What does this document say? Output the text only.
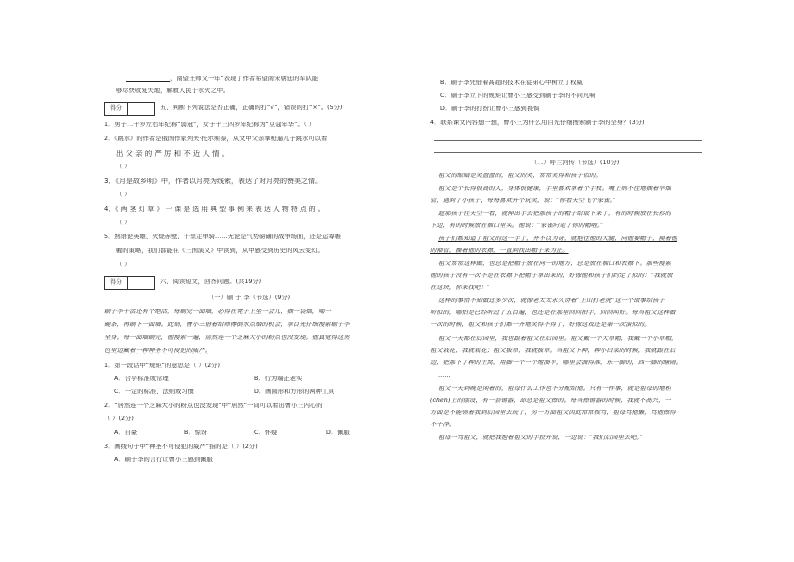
______________，南望王师又一年”表现了作者希望南宋朝廷的军队能
够尽快收复失地，解救人民于水火之中。
得分	五、判断下列说法是否正确，正确的打“√”，错误的打“×”。(5分)
1．男子二十岁左右年纪称“弱冠”，女子十三四岁年纪称为“豆蔻年华”。（ ）
2．《跳水》的作者是俄国作家列夫·托尔斯泰，从文中父亲拿枪逼儿子跳水可以看
出 父 亲 的 严 厉 和 不 近 人 情 。
（ ）
3．《月是故乡明》中，作者以月亮为线索，表达了对月亮的赞美之情。
（ ）
4．《 两 茎 灯 草 》 一 课 是 选 用 典 型 事 例 来 表 达 人 物 特 点 的 。
（ ）
5．熟语论英雄、火烧赤壁、千里走单骑……无论是气势磅礴的战争场面，还是运筹帷
幄的策略，我们都能在《三国演义》中读到，从中感受到历史的风云变幻。
（ ）
得分	六、阅读短文，回答问题。(共19分)
（一）刷 子 李（节选）(9分)
刷子李干活还有个绝活，每刷完一面墙，必得在凳子上坐一会儿，抽一袋烟，喝一
碗茶，再刷下一面墙。此刻，曹小三借着给师傅倒水点烟的机会，拿目光仔细搜索刷子李
全身。每一面墙刷完，他搜索一遍，居然连一个芝麻大小的粉点也没发现。他真觉得这黑
色里边藏着一种神圣不可侵犯的威严。
1．第一段话中“规矩”的意思是（ ）(2分)
A．合乎标准或常理	B．行为端正老实
C．一定的标准、法则或习惯	D．画圆形和方形的两种工具
2．“居然连一个芝麻大小的粉点也没发现”中“居然”一词可以看出曹小三内心的
（ ）(2分)
A．自豪	B．惊讶	C．怀疑	D．佩服
3．画线句子中“神圣不可侵犯的威严”指的是（ ）(2分)
A．刷子李的言行让曹小三感到佩服
B．刷子李凭借着高超的技术在徒弟心中树立了权威
C．刷子李立下的规矩让曹小三感受到刷子李的不同凡响
D．刷子李的打扮让曹小三感到畏惧
4．联系课文内容想一想，曹小三为什么用目光仔细搜索刷子李的全身？(3分)
（二）呼兰河传（节选）(10分)
祖父的眼睛是笑盈盈的，祖父的笑，常常笑得和孩子似的。
祖父是个长得很高的人，身体很健康，手里喜欢拿着个手杖。嘴上则不住地抽着旱烟
管，遇到了小孩子，每每喜欢开个玩笑，说：“你看天空飞个家雀。”
趁那孩子往天空一看，就伸出手去把那孩子的帽子给取下来了，有的时候放在长衫的
下边，有的时候放在袖口里头。他说：“家雀叼走了你的帽啦。”
孩子们都知道了祖父的这一手了，并不以为奇，就抱住他的大腿，向他要帽子，摸着他
的袖管，撕着他的衣襟，一直到找出帽子来为止。
祖父常常这样做，也总是把帽子放在同一的地方，总是放在袖口和衣襟下。那些搜索
他的孩子没有一次不是在衣襟下把帽子拿出来的，好像他和孩子们约定了似的：“我就放
在这块，你来找吧！”
这样的事情不知做过多少次，就像老太太永久讲着“上山打老虎”这一个故事给孩子
听似的，哪怕是已经听过了五百遍，也还是在那里回回拍手，回回叫好。每当祖父这样做
一次的时候，祖父和孩子们都一齐地笑得不得了，好像这戏还是第一次演似的。
祖父一天都在后园里，我也跟着祖父在后园里。祖父戴一个大草帽，我戴一个小草帽，
祖父栽花，我就栽花；祖父拔草，我就拔草。当祖父下种，种小白菜的时候，我就跟在后
边，把那下了种的土窝，用脚一个一个地溜平，哪里会溜得准，东一脚的，西一脚的瞎闹。
……
祖父一天到晚是闲着的，祖母什么工作也不分配给他。只有一件事，就是祖母的地柜
(chén)上的摆设，有一套锡器，却总是祖父擦的。每当擦锡器的时候，我就不高兴，一
方面是不能领着我到后园里去玩了，另一方面祖父因此常常挨骂，祖母骂他懒，骂他擦得
不干净。
祖母一骂祖父，就把我抱着祖父的手拉开说，一边说：“我们后园里去吧。”
